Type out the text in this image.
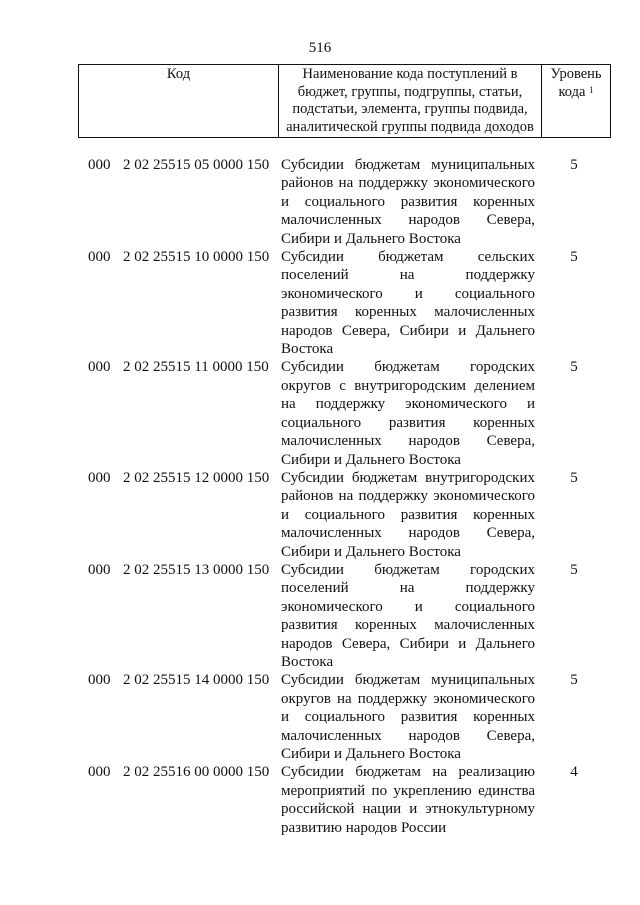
516
Код	Наименование кода поступлений в бюджет, группы, подгруппы, статьи, подстатьи, элемента, группы подвида, аналитической группы подвида доходов
Уровень кода $^1$
000 2 02 25515 05 0000 150 Субсидии бюджетам муниципальных районов на поддержку экономического и социального развития коренных малочисленных народов Севера, Сибири и Дальнего Востока
5
000 2 02 25515 10 0000 150 Субсидии бюджетам сельских поселений на поддержку экономического и социального развития коренных малочисленных народов Севера, Сибири и Дальнего Востока
5
000 2 02 25515 11 0000 150 Субсидии бюджетам городских округов с внутригородским делением на поддержку экономического и социального развития коренных малочисленных народов Севера, Сибири и Дальнего Востока
5
000 2 02 25515 12 0000 150 Субсидии бюджетам внутригородских районов на поддержку экономического и социального развития коренных малочисленных народов Севера, Сибири и Дальнего Востока
5
000 2 02 25515 13 0000 150 Субсидии бюджетам городских поселений на поддержку экономического и социального развития коренных малочисленных народов Севера, Сибири и Дальнего Востока
5
000 2 02 25515 14 0000 150 Субсидии бюджетам муниципальных округов на поддержку экономического и социального развития коренных малочисленных народов Севера, Сибири и Дальнего Востока
5
000 2 02 25516 00 0000 150 Субсидии бюджетам на реализацию мероприятий по укреплению единства российской нации и этнокультурному развитию народов России
4
